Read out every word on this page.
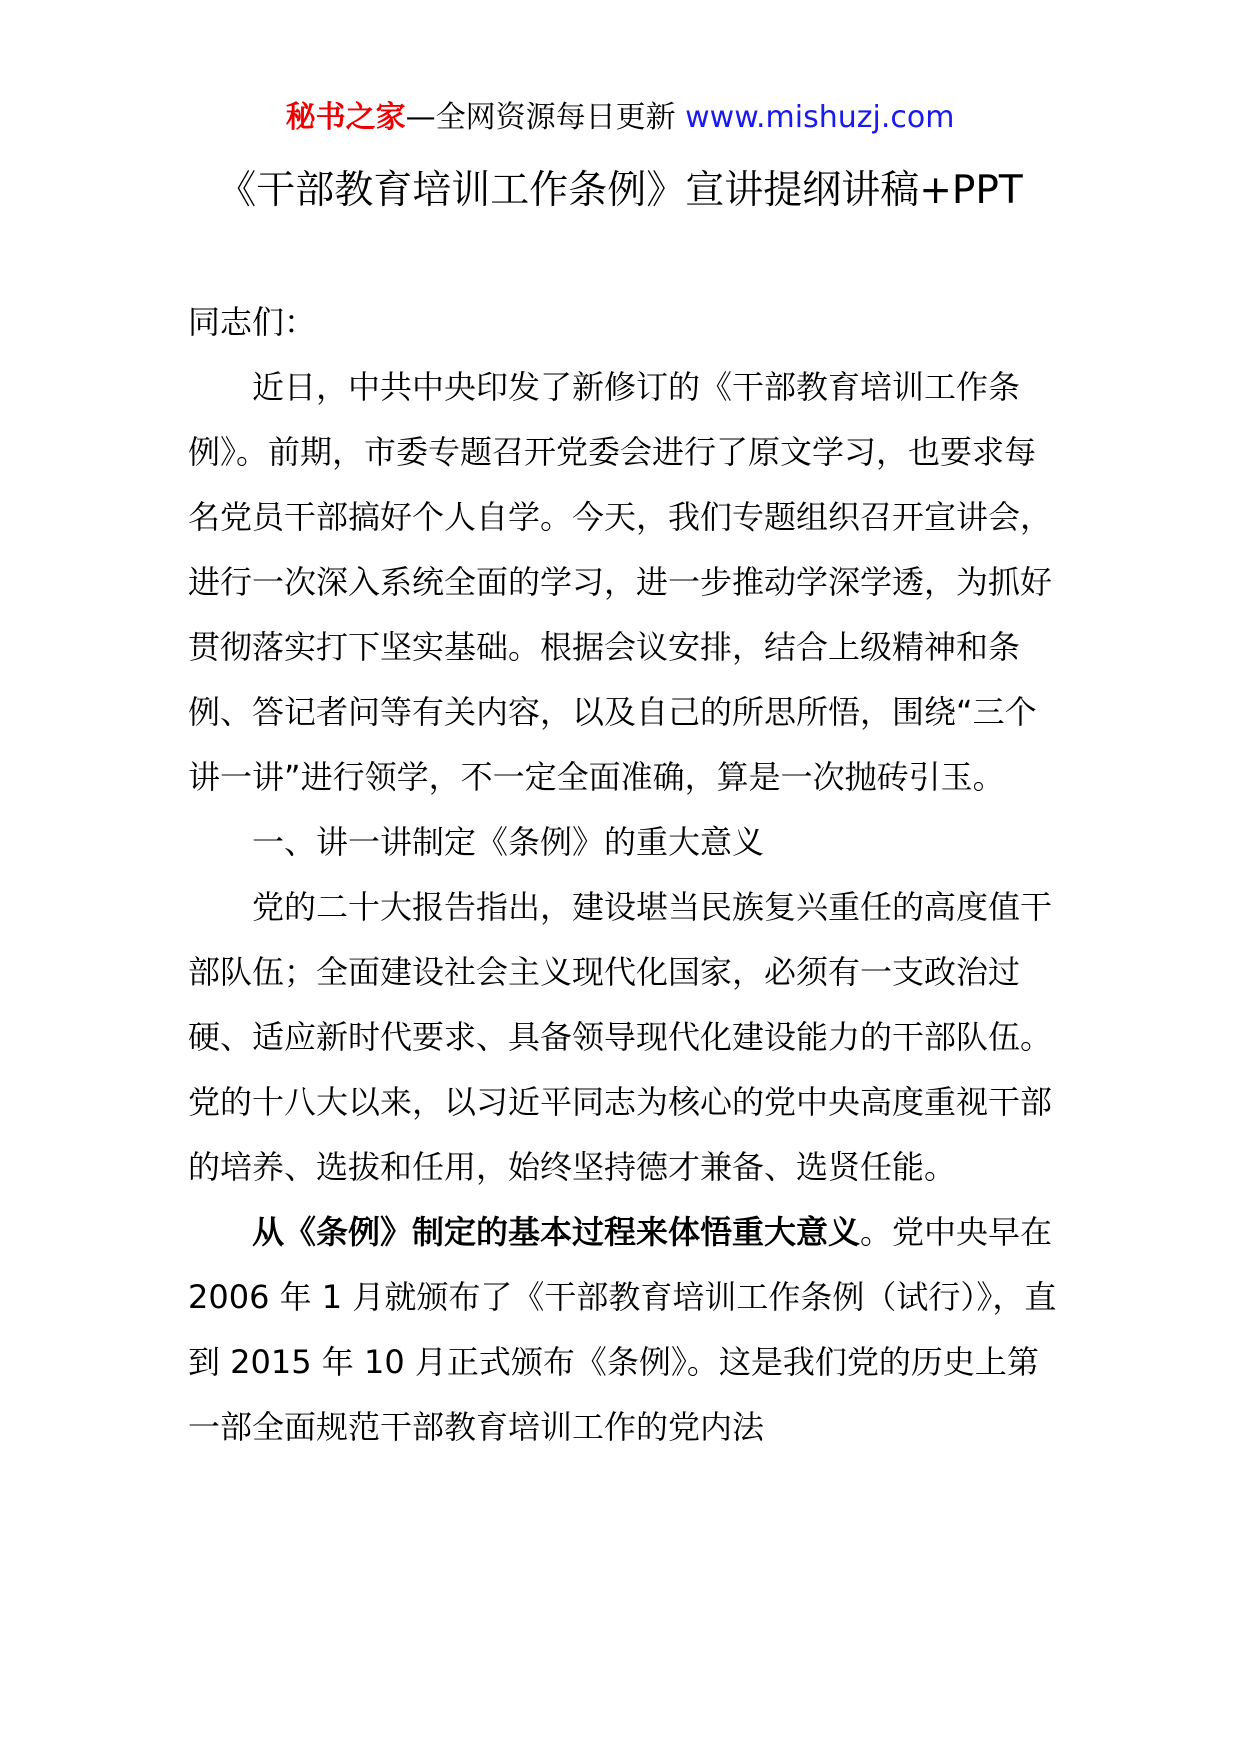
秘书之家—全网资源每日更新 www.mishuzj.com
《干部教育培训工作条例》宣讲提纲讲稿+PPT

同志们：

近日，中共中央印发了新修订的《干部教育培训工作条例》。前期，市委专题召开党委会进行了原文学习，也要求每名党员干部搞好个人自学。今天，我们专题组织召开宣讲会，进行一次深入系统全面的学习，进一步推动学深学透，为抓好贯彻落实打下坚实基础。根据会议安排，结合上级精神和条例、答记者问等有关内容，以及自己的所思所悟，围绕“三个讲一讲”进行领学，不一定全面准确，算是一次抛砖引玉。

一、讲一讲制定《条例》的重大意义

党的二十大报告指出，建设堪当民族复兴重任的高度值干部队伍；全面建设社会主义现代化国家，必须有一支政治过硬、适应新时代要求、具备领导现代化建设能力的干部队伍。党的十八大以来，以习近平同志为核心的党中央高度重视干部的培养、选拔和任用，始终坚持德才兼备、选贤任能。

从《条例》制定的基本过程来体悟重大意义。党中央早在 2006 年 1 月就颁布了《干部教育培训工作条例（试行）》，直到 2015 年 10 月正式颁布《条例》。这是我们党的历史上第一部全面规范干部教育培训工作的党内法
